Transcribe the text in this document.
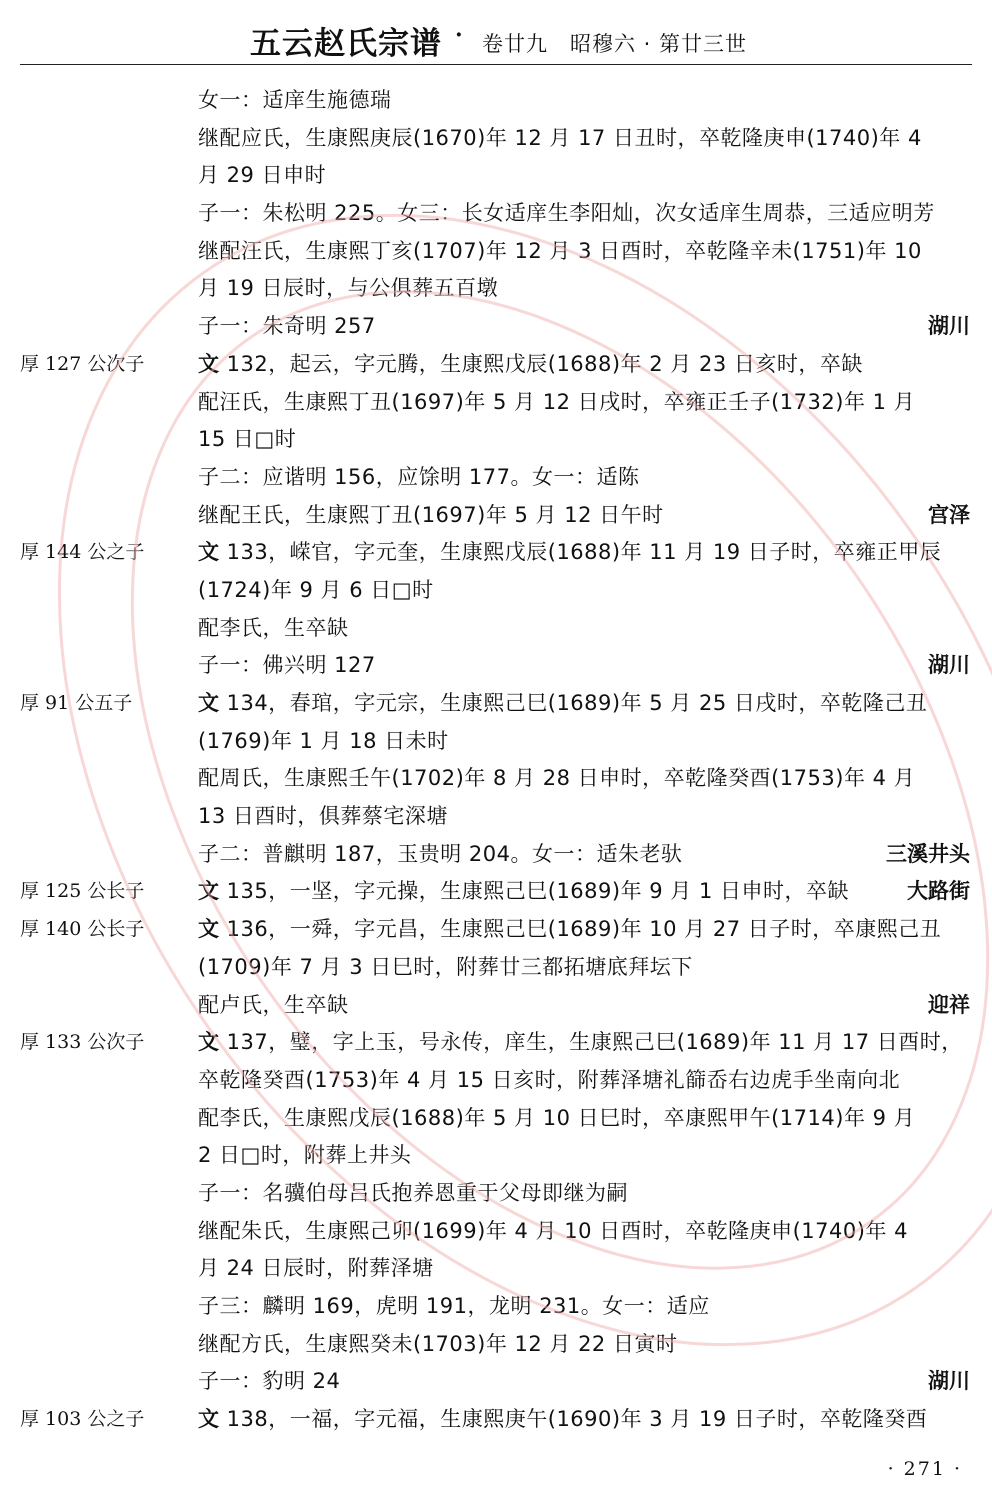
五云赵氏宗谱 · 卷廿九　昭穆六 · 第廿三世
女一：适庠生施德瑞
继配应氏，生康熙庚辰(1670)年 12 月 17 日丑时，卒乾隆庚申(1740)年 4
月 29 日申时
子一：朱松明 225。女三：长女适庠生李阳灿，次女适庠生周恭，三适应明芳
继配汪氏，生康熙丁亥(1707)年 12 月 3 日酉时，卒乾隆辛未(1751)年 10
月 19 日辰时，与公俱葬五百墩
子一：朱奇明 257	湖川
厚 127 公次子	文 132，起云，字元腾，生康熙戊辰(1688)年 2 月 23 日亥时，卒缺
配汪氏，生康熙丁丑(1697)年 5 月 12 日戌时，卒雍正壬子(1732)年 1 月
15 日□时
子二：应谐明 156，应馀明 177。女一：适陈
继配王氏，生康熙丁丑(1697)年 5 月 12 日午时	宫泽
厚 144 公之子	文 133，嵘官，字元奎，生康熙戊辰(1688)年 11 月 19 日子时，卒雍正甲辰
(1724)年 9 月 6 日□时
配李氏，生卒缺
子一：佛兴明 127	湖川
厚 91 公五子	文 134，春琯，字元宗，生康熙己巳(1689)年 5 月 25 日戌时，卒乾隆己丑
(1769)年 1 月 18 日未时
配周氏，生康熙壬午(1702)年 8 月 28 日申时，卒乾隆癸酉(1753)年 4 月
13 日酉时，俱葬蔡宅深塘
子二：普麒明 187，玉贵明 204。女一：适朱老驮	三溪井头
厚 125 公长子	文 135，一坚，字元操，生康熙己巳(1689)年 9 月 1 日申时，卒缺	大路街
厚 140 公长子	文 136，一舜，字元昌，生康熙己巳(1689)年 10 月 27 日子时，卒康熙己丑
(1709)年 7 月 3 日巳时，附葬廿三都拓塘底拜坛下
配卢氏，生卒缺	迎祥
厚 133 公次子	文 137，璧，字上玉，号永传，庠生，生康熙己巳(1689)年 11 月 17 日酉时，
卒乾隆癸酉(1753)年 4 月 15 日亥时，附葬泽塘礼篩岙右边虎手坐南向北
配李氏，生康熙戊辰(1688)年 5 月 10 日巳时，卒康熙甲午(1714)年 9 月
2 日□时，附葬上井头
子一：名骥伯母吕氏抱养恩重于父母即继为嗣
继配朱氏，生康熙己卯(1699)年 4 月 10 日酉时，卒乾隆庚申(1740)年 4
月 24 日辰时，附葬泽塘
子三：麟明 169，虎明 191，龙明 231。女一：适应
继配方氏，生康熙癸未(1703)年 12 月 22 日寅时
子一：豹明 24	湖川
厚 103 公之子	文 138，一福，字元福，生康熙庚午(1690)年 3 月 19 日子时，卒乾隆癸酉
· 271 ·
